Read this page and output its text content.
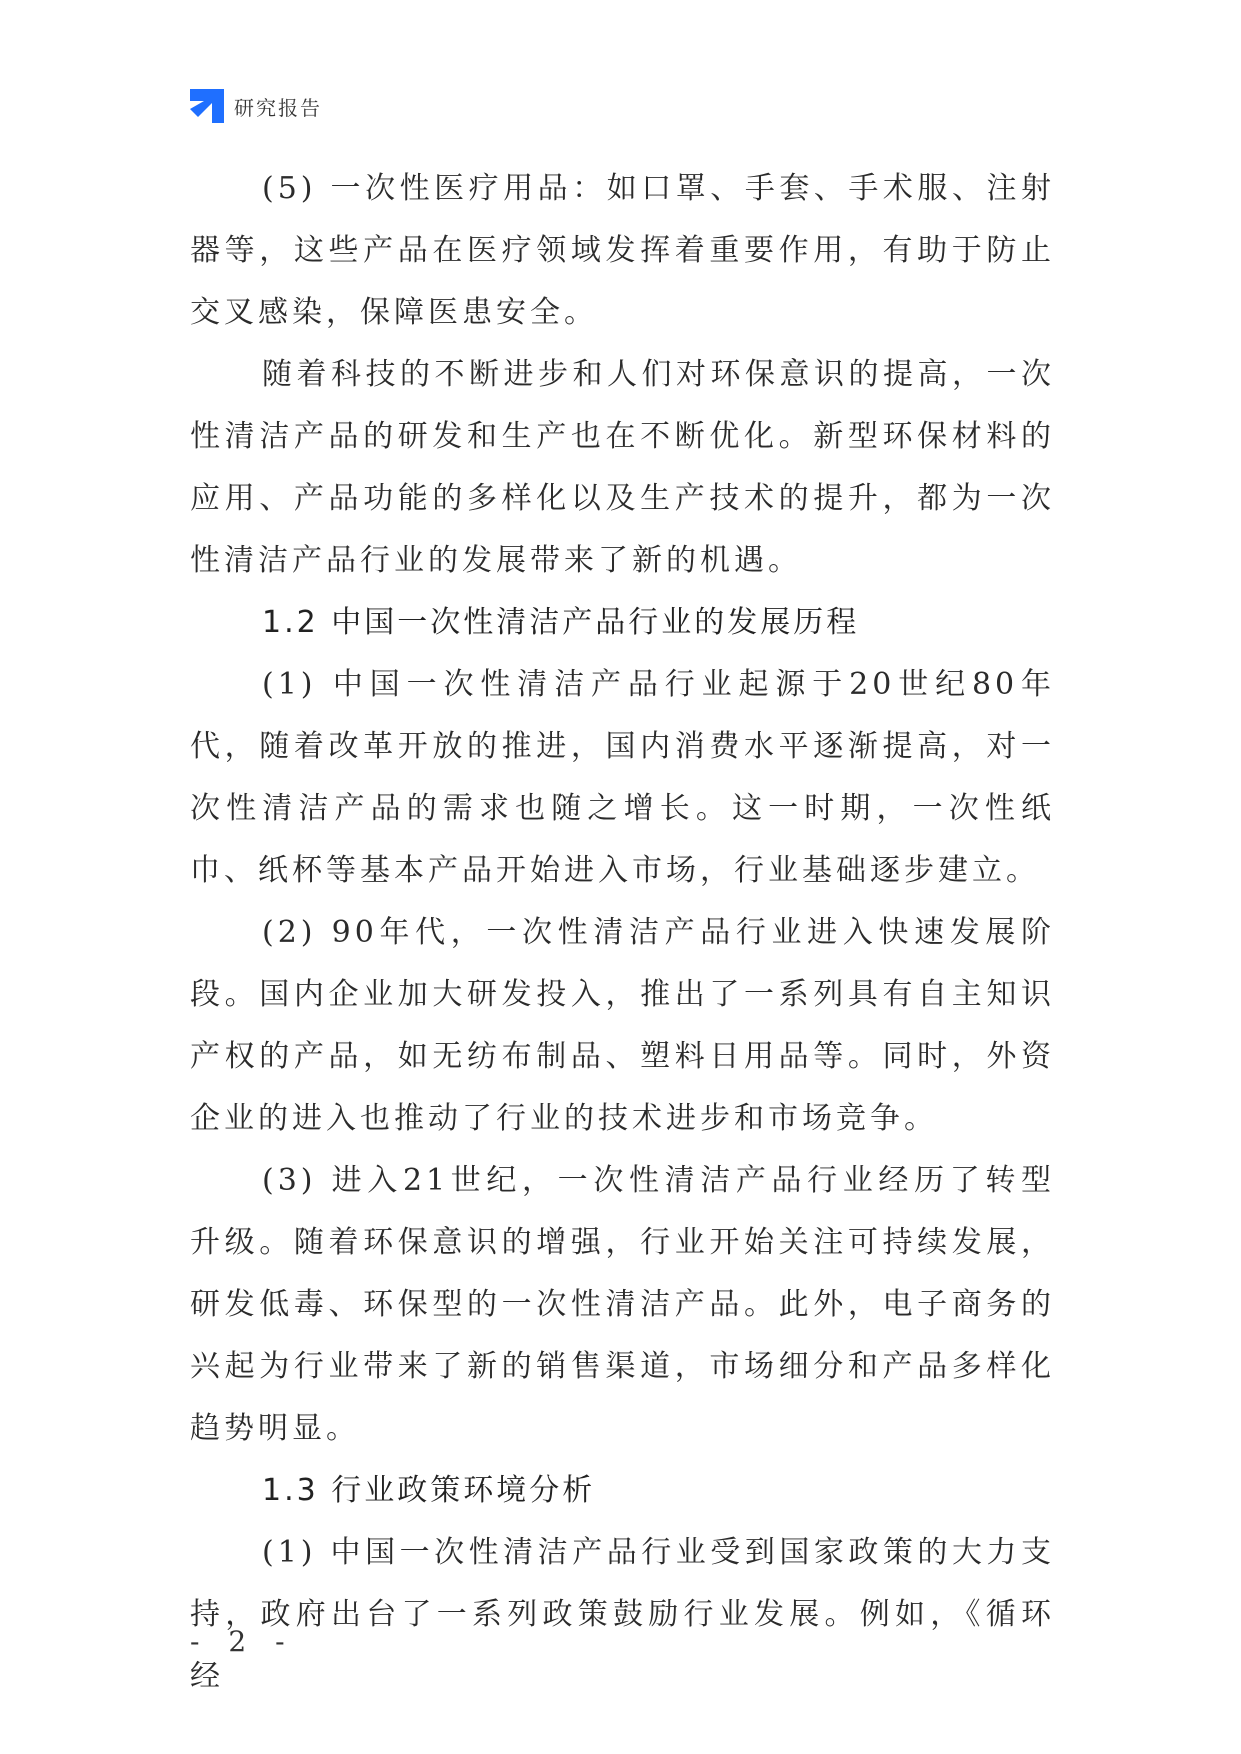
研究报告

(5) 一次性医疗用品：如口罩、手套、手术服、注射器等，这些产品在医疗领域发挥着重要作用，有助于防止交叉感染，保障医患安全。

随着科技的不断进步和人们对环保意识的提高，一次性清洁产品的研发和生产也在不断优化。新型环保材料的应用、产品功能的多样化以及生产技术的提升，都为一次性清洁产品行业的发展带来了新的机遇。

1.2 中国一次性清洁产品行业的发展历程

(1) 中国一次性清洁产品行业起源于20世纪80年代，随着改革开放的推进，国内消费水平逐渐提高，对一次性清洁产品的需求也随之增长。这一时期，一次性纸巾、纸杯等基本产品开始进入市场，行业基础逐步建立。

(2) 90年代，一次性清洁产品行业进入快速发展阶段。国内企业加大研发投入，推出了一系列具有自主知识产权的产品，如无纺布制品、塑料日用品等。同时，外资企业的进入也推动了行业的技术进步和市场竞争。

(3) 进入21世纪，一次性清洁产品行业经历了转型升级。随着环保意识的增强，行业开始关注可持续发展，研发低毒、环保型的一次性清洁产品。此外，电子商务的兴起为行业带来了新的销售渠道，市场细分和产品多样化趋势明显。

1.3 行业政策环境分析

(1) 中国一次性清洁产品行业受到国家政策的大力支持，政府出台了一系列政策鼓励行业发展。例如，《循环经

- 2 -
